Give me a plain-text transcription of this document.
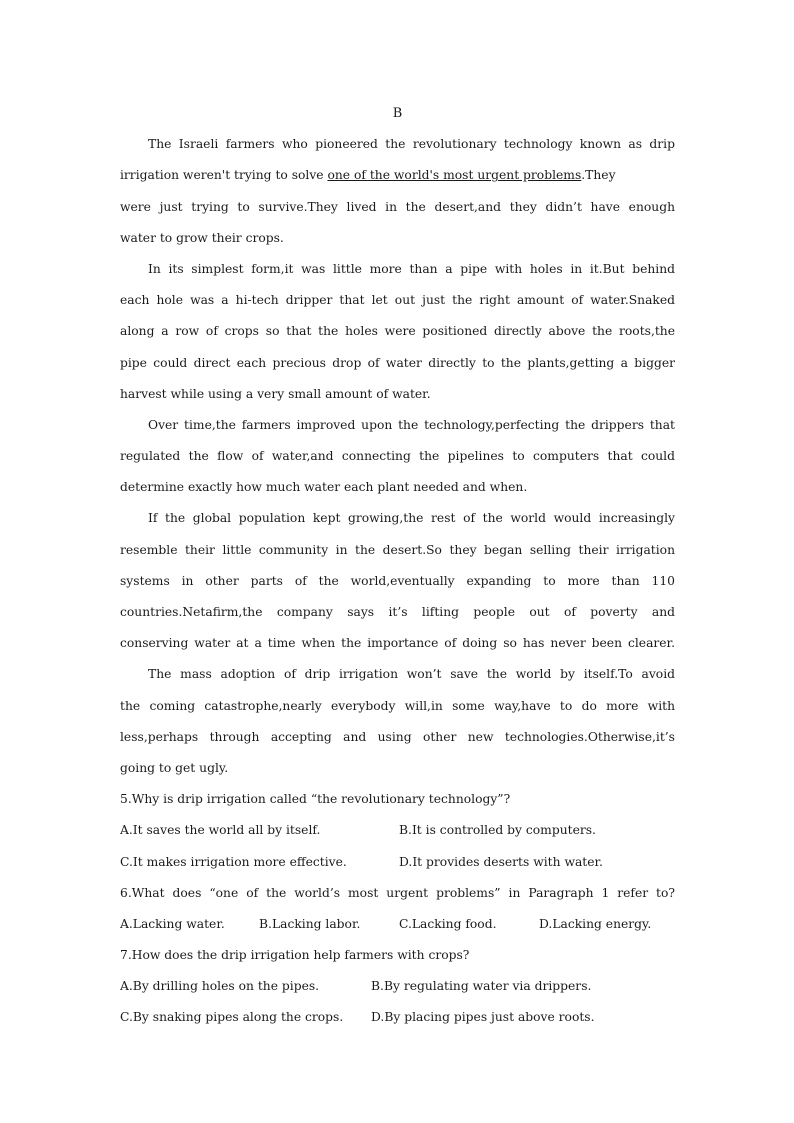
B
The Israeli farmers who pioneered the revolutionary technology known as drip
irrigation weren't trying to solve one of the world's most urgent problems.They
were just trying to survive.They lived in the desert,and they didn’t have enough
water to grow their crops.
In its simplest form,it was little more than a pipe with holes in it.But behind
each hole was a hi-tech dripper that let out just the right amount of water.Snaked
along a row of crops so that the holes were positioned directly above the roots,the
pipe could direct each precious drop of water directly to the plants,getting a bigger
harvest while using a very small amount of water.
Over time,the farmers improved upon the technology,perfecting the drippers that
regulated the flow of water,and connecting the pipelines to computers that could
determine exactly how much water each plant needed and when.
If the global population kept growing,the rest of the world would increasingly
resemble their little community in the desert.So they began selling their irrigation
systems in other parts of the world,eventually expanding to more than 110
countries.Netafirm,the company says it’s lifting people out of poverty and
conserving water at a time when the importance of doing so has never been clearer.
The mass adoption of drip irrigation won’t save the world by itself.To avoid
the coming catastrophe,nearly everybody will,in some way,have to do more with
less,perhaps through accepting and using other new technologies.Otherwise,it’s
going to get ugly.
5.Why is drip irrigation called “the revolutionary technology”?
A.It saves the world all by itself.	B.It is controlled by computers.
C.It makes irrigation more effective.	D.It provides deserts with water.
6.What does “one of the world’s most urgent problems” in Paragraph 1 refer to?
A.Lacking water.	B.Lacking labor.	C.Lacking food.	D.Lacking energy.
7.How does the drip irrigation help farmers with crops?
A.By drilling holes on the pipes.	B.By regulating water via drippers.
C.By snaking pipes along the crops.	D.By placing pipes just above roots.
